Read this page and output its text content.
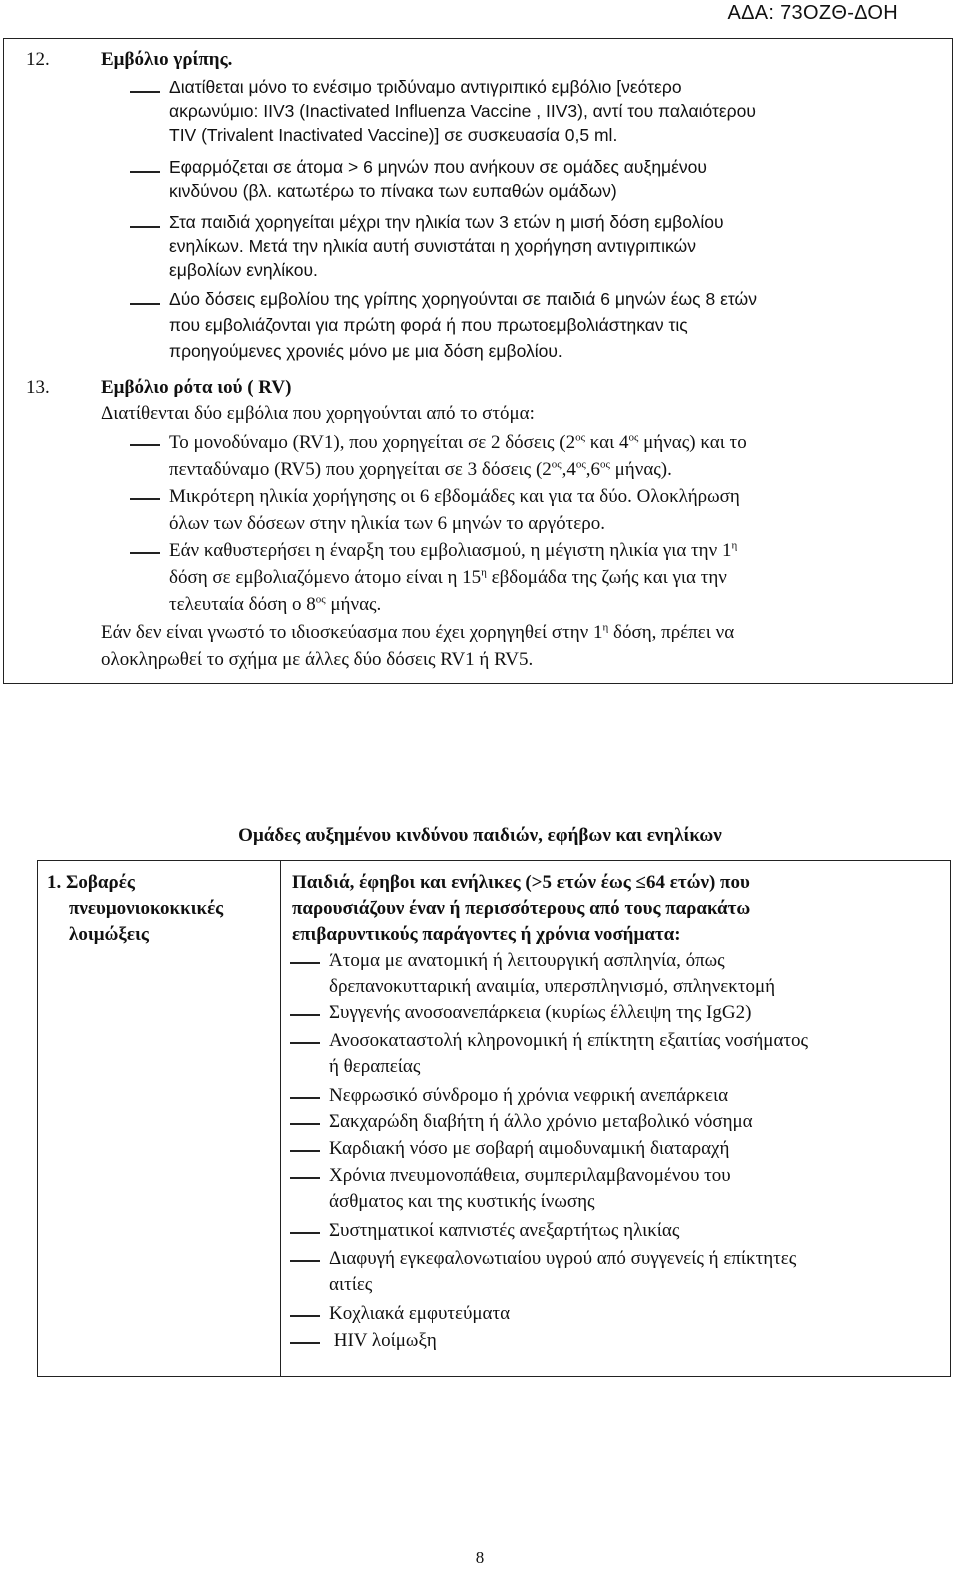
ΑΔΑ: 73ΟΖΘ-ΔΟΗ
12.	Εμβόλιο γρίπης.
Διατίθεται μόνο το ενέσιμο τριδύναμο αντιγριπικό εμβόλιο [νεότερο
ακρωνύμιο: IIV3 (Inactivated Influenza Vaccine , IIV3), αντί του παλαιότερου
TIV (Trivalent Inactivated Vaccine)] σε συσκευασία 0,5 ml.
Εφαρμόζεται σε άτομα > 6 μηνών που ανήκουν σε ομάδες αυξημένου
κινδύνου (βλ. κατωτέρω το πίνακα των ευπαθών ομάδων)
Στα παιδιά χορηγείται μέχρι την ηλικία των 3 ετών η μισή δόση εμβολίου
ενηλίκων. Μετά την ηλικία αυτή συνιστάται η χορήγηση αντιγριπικών
εμβολίων ενηλίκου.
Δύο δόσεις εμβολίου της γρίπης χορηγούνται σε παιδιά 6 μηνών έως 8 ετών
που εμβολιάζονται για πρώτη φορά ή που πρωτοεμβολιάστηκαν τις
προηγούμενες χρονιές μόνο με μια δόση εμβολίου.
13.	Εμβόλιο ρότα ιού ( RV)
Διατίθενται δύο εμβόλια που χορηγούνται από το στόμα:
Το μονοδύναμο (RV1), που χορηγείται σε 2 δόσεις ($2^{o\varsigma}$ και $4^{o\varsigma}$ μήνας) και το
πενταδύναμο (RV5) που χορηγείται σε 3 δόσεις ($2^{o\varsigma},4^{o\varsigma},6^{o\varsigma}$ μήνας).
Μικρότερη ηλικία χορήγησης οι 6 εβδομάδες και για τα δύο. Ολοκλήρωση
όλων των δόσεων στην ηλικία των 6 μηνών το αργότερο.
Εάν καθυστερήσει η έναρξη του εμβολιασμού, η μέγιστη ηλικία για την $1^\eta$
δόση σε εμβολιαζόμενο άτομο είναι η $15^\eta$ εβδομάδα της ζωής και για την
τελευταία δόση ο $8^{o\varsigma}$ μήνας.
Εάν δεν είναι γνωστό το ιδιοσκεύασμα που έχει χορηγηθεί στην $1^\eta$ δόση, πρέπει να
ολοκληρωθεί το σχήμα με άλλες δύο δόσεις RV1 ή RV5.
Ομάδες αυξημένου κινδύνου παιδιών, εφήβων και ενηλίκων
1. Σοβαρές
πνευμονιοκοκκικές
λοιμώξεις
Παιδιά, έφηβοι και ενήλικες (>5 ετών έως ≤64 ετών) που
παρουσιάζουν έναν ή περισσότερους από τους παρακάτω
επιβαρυντικούς παράγοντες ή χρόνια νοσήματα:
Άτομα με ανατομική ή λειτουργική ασπληνία, όπως
δρεπανοκυτταρική αναιμία, υπερσπληνισμό, σπληνεκτομή
Συγγενής ανοσοανεπάρκεια (κυρίως έλλειψη της IgG2)
Ανοσοκαταστολή κληρονομική ή επίκτητη εξαιτίας νοσήματος
ή θεραπείας
Νεφρωσικό σύνδρομο ή χρόνια νεφρική ανεπάρκεια
Σακχαρώδη διαβήτη ή άλλο χρόνιο μεταβολικό νόσημα
Καρδιακή νόσο με σοβαρή αιμοδυναμική διαταραχή
Χρόνια πνευμονοπάθεια, συμπεριλαμβανομένου του
άσθματος και της κυστικής ίνωσης
Συστηματικοί καπνιστές ανεξαρτήτως ηλικίας
Διαφυγή εγκεφαλονωτιαίου υγρού από συγγενείς ή επίκτητες
αιτίες
Κοχλιακά εμφυτεύματα
HIV λοίμωξη
8
